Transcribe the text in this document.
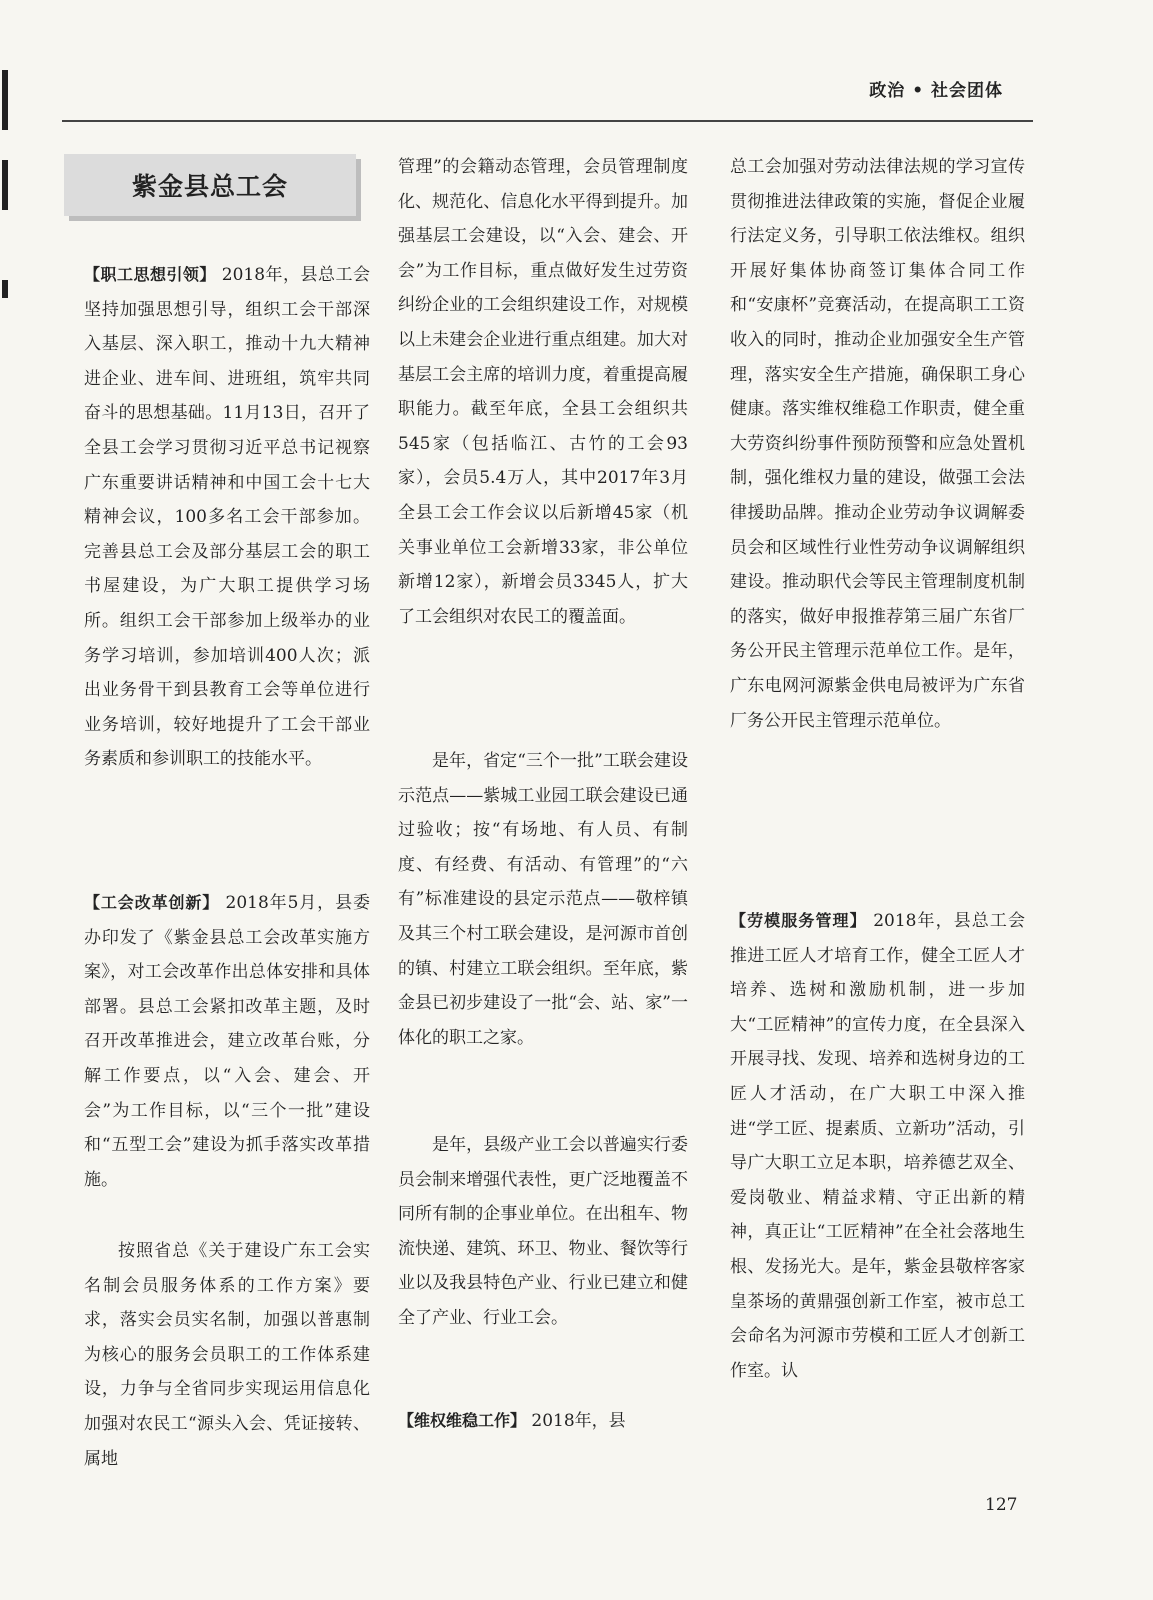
政治 • 社会团体
紫金县总工会

【职工思想引领】 2018年，县总工会坚持加强思想引导，组织工会干部深入基层、深入职工，推动十九大精神进企业、进车间、进班组，筑牢共同奋斗的思想基础。11月13日，召开了全县工会学习贯彻习近平总书记视察广东重要讲话精神和中国工会十七大精神会议，100多名工会干部参加。完善县总工会及部分基层工会的职工书屋建设，为广大职工提供学习场所。组织工会干部参加上级举办的业务学习培训，参加培训400人次；派出业务骨干到县教育工会等单位进行业务培训，较好地提升了工会干部业务素质和参训职工的技能水平。

【工会改革创新】 2018年5月，县委办印发了《紫金县总工会改革实施方案》，对工会改革作出总体安排和具体部署。县总工会紧扣改革主题，及时召开改革推进会，建立改革台账，分解工作要点，以“入会、建会、开会”为工作目标，以“三个一批”建设和“五型工会”建设为抓手落实改革措施。

按照省总《关于建设广东工会实名制会员服务体系的工作方案》要求，落实会员实名制，加强以普惠制为核心的服务会员职工的工作体系建设，力争与全省同步实现运用信息化加强对农民工“源头入会、凭证接转、属地

管理”的会籍动态管理，会员管理制度化、规范化、信息化水平得到提升。加强基层工会建设，以“入会、建会、开会”为工作目标，重点做好发生过劳资纠纷企业的工会组织建设工作，对规模以上未建会企业进行重点组建。加大对基层工会主席的培训力度，着重提高履职能力。截至年底，全县工会组织共545家（包括临江、古竹的工会93家），会员5.4万人，其中2017年3月全县工会工作会议以后新增45家（机关事业单位工会新增33家，非公单位新增12家），新增会员3345人，扩大了工会组织对农民工的覆盖面。

是年，省定“三个一批”工联会建设示范点——紫城工业园工联会建设已通过验收；按“有场地、有人员、有制度、有经费、有活动、有管理”的“六有”标准建设的县定示范点——敬梓镇及其三个村工联会建设，是河源市首创的镇、村建立工联会组织。至年底，紫金县已初步建设了一批“会、站、家”一体化的职工之家。

是年，县级产业工会以普遍实行委员会制来增强代表性，更广泛地覆盖不同所有制的企事业单位。在出租车、物流快递、建筑、环卫、物业、餐饮等行业以及我县特色产业、行业已建立和健全了产业、行业工会。

【维权维稳工作】 2018年，县

总工会加强对劳动法律法规的学习宣传贯彻推进法律政策的实施，督促企业履行法定义务，引导职工依法维权。组织开展好集体协商签订集体合同工作和“安康杯”竞赛活动，在提高职工工资收入的同时，推动企业加强安全生产管理，落实安全生产措施，确保职工身心健康。落实维权维稳工作职责，健全重大劳资纠纷事件预防预警和应急处置机制，强化维权力量的建设，做强工会法律援助品牌。推动企业劳动争议调解委员会和区域性行业性劳动争议调解组织建设。推动职代会等民主管理制度机制的落实，做好申报推荐第三届广东省厂务公开民主管理示范单位工作。是年，广东电网河源紫金供电局被评为广东省厂务公开民主管理示范单位。

【劳模服务管理】 2018年，县总工会推进工匠人才培育工作，健全工匠人才培养、选树和激励机制，进一步加大“工匠精神”的宣传力度，在全县深入开展寻找、发现、培养和选树身边的工匠人才活动，在广大职工中深入推进“学工匠、提素质、立新功”活动，引导广大职工立足本职，培养德艺双全、爱岗敬业、精益求精、守正出新的精神，真正让“工匠精神”在全社会落地生根、发扬光大。是年，紫金县敬梓客家皇茶场的黄鼎强创新工作室，被市总工会命名为河源市劳模和工匠人才创新工作室。认

127
